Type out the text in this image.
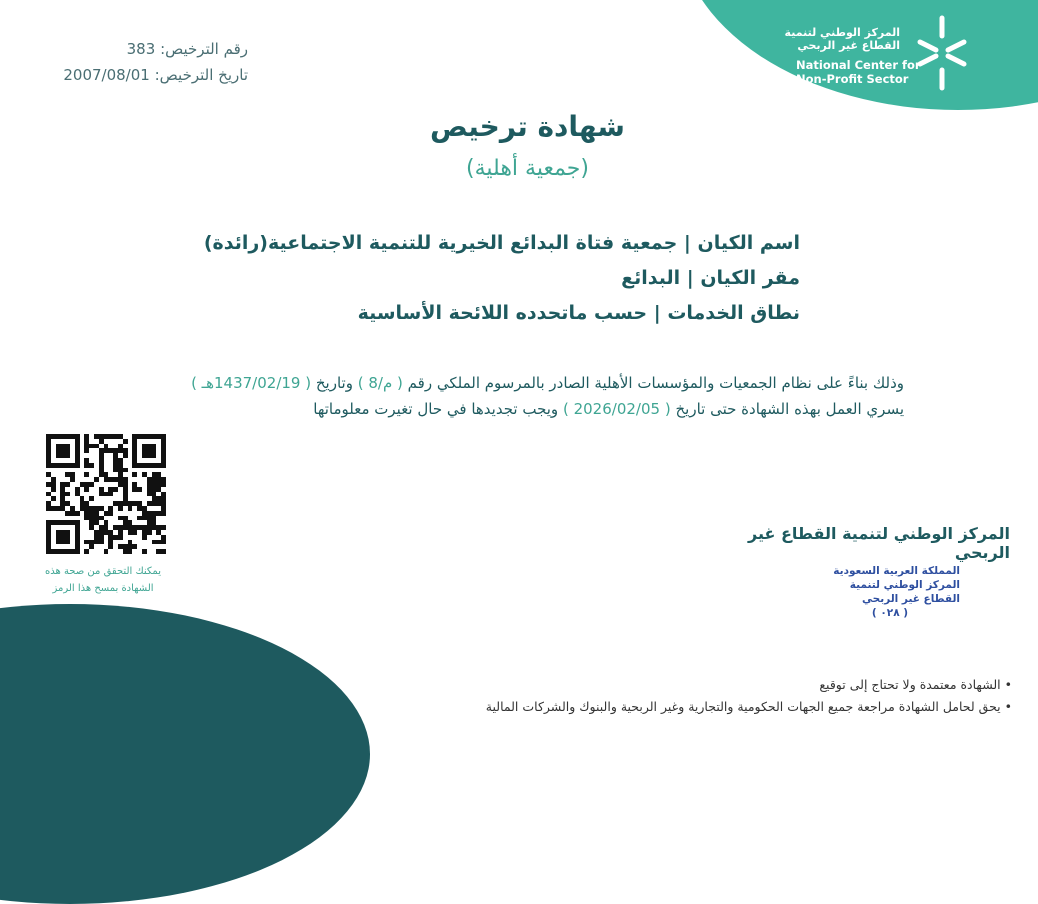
المركز الوطني لتنمية
القطاع غير الربحي
National Center for
Non-Profit Sector
رقم الترخيص: 383
تاريخ الترخيص: 2007/08/01
شهادة ترخيص
(جمعية أهلية)
اسم الكيان | جمعية فتاة البدائع الخيرية للتنمية الاجتماعية(رائدة)
مقر الكيان | البدائع
نطاق الخدمات | حسب ماتحدده اللائحة الأساسية
وذلك بناءً على نظام الجمعيات والمؤسسات الأهلية الصادر بالمرسوم الملكي رقم ( م/8 ) وتاريخ ( 1437/02/19هـ )
يسري العمل بهذه الشهادة حتى تاريخ ( 2026/02/05 ) ويجب تجديدها في حال تغيرت معلوماتها
يمكنك التحقق من صحة هذه
الشهادة بمسح هذا الرمز
المركز الوطني لتنمية القطاع غير الربحي
المملكة العربية السعودية
المركز الوطني لتنمية
القطاع غير الربحي
( ٠٢٨ )
• الشهادة معتمدة ولا تحتاج إلى توقيع
• يحق لحامل الشهادة مراجعة جميع الجهات الحكومية والتجارية وغير الربحية والبنوك والشركات المالية
